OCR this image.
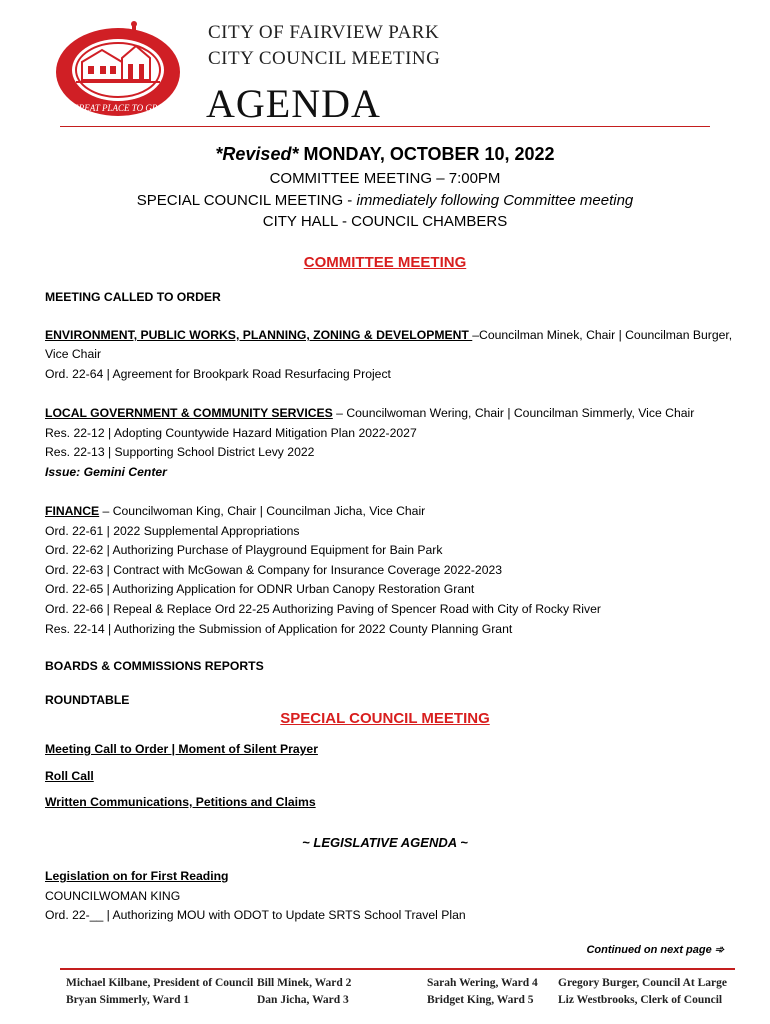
A GREAT PLACE TO GROW
CITY OF FAIRVIEW PARK
CITY COUNCIL MEETING
AGENDA
*Revised* MONDAY, OCTOBER 10, 2022
COMMITTEE MEETING – 7:00PM
SPECIAL COUNCIL MEETING - immediately following Committee meeting
CITY HALL - COUNCIL CHAMBERS
COMMITTEE MEETING
MEETING CALLED TO ORDER
ENVIRONMENT, PUBLIC WORKS, PLANNING, ZONING & DEVELOPMENT –Councilman Minek, Chair | Councilman Burger,
Vice Chair
Ord. 22-64 | Agreement for Brookpark Road Resurfacing Project
LOCAL GOVERNMENT & COMMUNITY SERVICES – Councilwoman Wering, Chair | Councilman Simmerly, Vice Chair
Res. 22-12 | Adopting Countywide Hazard Mitigation Plan 2022-2027
Res. 22-13 | Supporting School District Levy 2022
Issue: Gemini Center
FINANCE – Councilwoman King, Chair | Councilman Jicha, Vice Chair
Ord. 22-61 | 2022 Supplemental Appropriations
Ord. 22-62 | Authorizing Purchase of Playground Equipment for Bain Park
Ord. 22-63 | Contract with McGowan & Company for Insurance Coverage 2022-2023
Ord. 22-65 | Authorizing Application for ODNR Urban Canopy Restoration Grant
Ord. 22-66 | Repeal & Replace Ord 22-25 Authorizing Paving of Spencer Road with City of Rocky River
Res. 22-14 | Authorizing the Submission of Application for 2022 County Planning Grant
BOARDS & COMMISSIONS REPORTS
ROUNDTABLE
SPECIAL COUNCIL MEETING
Meeting Call to Order | Moment of Silent Prayer
Roll Call
Written Communications, Petitions and Claims
~ LEGISLATIVE AGENDA ~
Legislation on for First Reading
COUNCILWOMAN KING
Ord. 22-__ | Authorizing MOU with ODOT to Update SRTS School Travel Plan
Continued on next page ➾
Michael Kilbane, President of Council
Bryan Simmerly, Ward 1
Bill Minek, Ward 2
Dan Jicha, Ward 3
Sarah Wering, Ward 4
Bridget King, Ward 5
Gregory Burger, Council At Large
Liz Westbrooks, Clerk of Council
